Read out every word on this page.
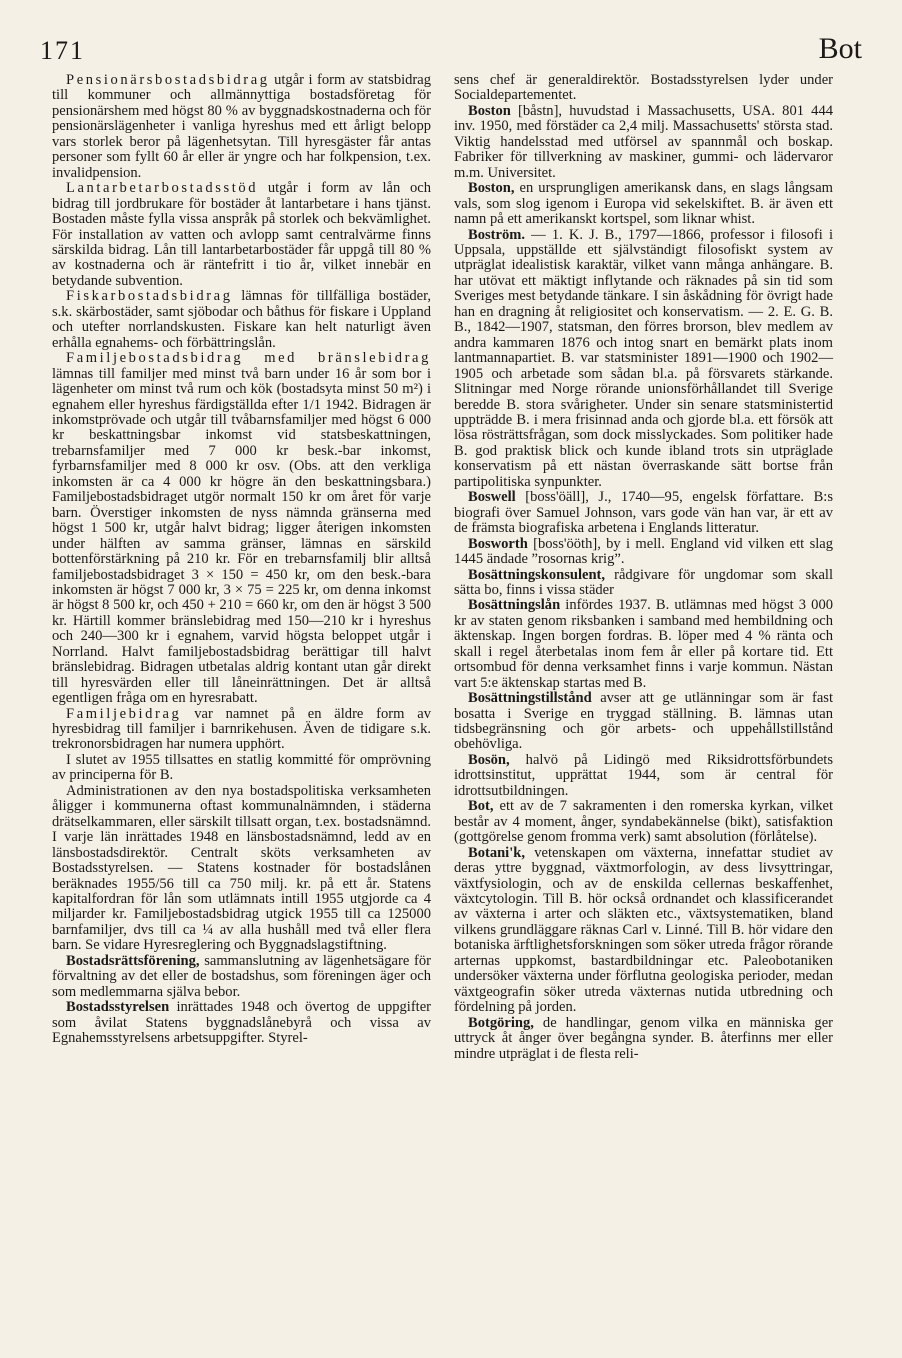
171	Bot

Pensionärsbostadsbidrag utgår i form av statsbidrag till kommuner och allmännyttiga bostadsföretag för pensionärshem med högst 80 % av byggnadskostnaderna och för pensionärslägenheter i vanliga hyreshus med ett årligt belopp vars storlek beror på lägenhetsytan. Till hyresgäster får antas personer som fyllt 60 år eller är yngre och har folkpension, t.ex. invalidpension.

Lantarbetarbostadsstöd utgår i form av lån och bidrag till jordbrukare för bostäder åt lantarbetare i hans tjänst. Bostaden måste fylla vissa anspråk på storlek och bekvämlighet. För installation av vatten och avlopp samt centralvärme finns särskilda bidrag. Lån till lantarbetarbostäder får uppgå till 80 % av kostnaderna och är räntefritt i tio år, vilket innebär en betydande subvention.

Fiskarbostadsbidrag lämnas för tillfälliga bostäder, s.k. skärbostäder, samt sjöbodar och båthus för fiskare i Uppland och utefter norrlandskusten. Fiskare kan helt naturligt även erhålla egnahems- och förbättringslån.

Familjebostadsbidrag med bränslebidrag lämnas till familjer med minst två barn under 16 år som bor i lägenheter om minst två rum och kök (bostadsyta minst 50 m²) i egnahem eller hyreshus färdigställda efter 1/1 1942. Bidragen är inkomstprövade och utgår till tvåbarnsfamiljer med högst 6 000 kr beskattningsbar inkomst vid statsbeskattningen, trebarnsfamiljer med 7 000 kr besk.-bar inkomst, fyrbarnsfamiljer med 8 000 kr osv. (Obs. att den verkliga inkomsten är ca 4 000 kr högre än den beskattningsbara.) Familjebostadsbidraget utgör normalt 150 kr om året för varje barn. Överstiger inkomsten de nyss nämnda gränserna med högst 1 500 kr, utgår halvt bidrag; ligger återigen inkomsten under hälften av samma gränser, lämnas en särskild bottenförstärkning på 210 kr. För en trebarnsfamilj blir alltså familjebostadsbidraget 3 × 150 = 450 kr, om den besk.-bara inkomsten är högst 7 000 kr, 3 × 75 = 225 kr, om denna inkomst är högst 8 500 kr, och 450 + 210 = 660 kr, om den är högst 3 500 kr. Härtill kommer bränslebidrag med 150—210 kr i hyreshus och 240—300 kr i egnahem, varvid högsta beloppet utgår i Norrland. Halvt familjebostadsbidrag berättigar till halvt bränslebidrag. Bidragen utbetalas aldrig kontant utan går direkt till hyresvärden eller till låneinrättningen. Det är alltså egentligen fråga om en hyresrabatt.

Familjebidrag var namnet på en äldre form av hyresbidrag till familjer i barnrikehusen. Även de tidigare s.k. trekronorsbidragen har numera upphört.

I slutet av 1955 tillsattes en statlig kommitté för omprövning av principerna för B.

Administrationen av den nya bostadspolitiska verksamheten åligger i kommunerna oftast kommunalnämnden, i städerna drätselkammaren, eller särskilt tillsatt organ, t.ex. bostadsnämnd. I varje län inrättades 1948 en länsbostadsnämnd, ledd av en länsbostadsdirektör. Centralt sköts verksamheten av Bostadsstyrelsen. — Statens kostnader för bostadslånen beräknades 1955/56 till ca 750 milj. kr. på ett år. Statens kapitalfordran för lån som utlämnats intill 1955 utgjorde ca 4 miljarder kr. Familjebostadsbidrag utgick 1955 till ca 125000 barnfamiljer, dvs till ca ¼ av alla hushåll med två eller flera barn. Se vidare Hyresreglering och Byggnadslagstiftning.

Bostadsrättsförening, sammanslutning av lägenhetsägare för förvaltning av det eller de bostadshus, som föreningen äger och som medlemmarna själva bebor.

Bostadsstyrelsen inrättades 1948 och övertog de uppgifter som åvilat Statens byggnadslånebyrå och vissa av Egnahemsstyrelsens arbetsuppgifter. Styrel-

sens chef är generaldirektör. Bostadsstyrelsen lyder under Socialdepartementet.

Boston [båstn], huvudstad i Massachusetts, USA. 801 444 inv. 1950, med förstäder ca 2,4 milj. Massachusetts' största stad. Viktig handelsstad med utförsel av spannmål och boskap. Fabriker för tillverkning av maskiner, gummi- och lädervaror m.m. Universitet.

Boston, en ursprungligen amerikansk dans, en slags långsam vals, som slog igenom i Europa vid sekelskiftet. B. är även ett namn på ett amerikanskt kortspel, som liknar whist.

Boström. — 1. K. J. B., 1797—1866, professor i filosofi i Uppsala, uppställde ett självständigt filosofiskt system av utpräglat idealistisk karaktär, vilket vann många anhängare. B. har utövat ett mäktigt inflytande och räknades på sin tid som Sveriges mest betydande tänkare. I sin åskådning för övrigt hade han en dragning åt religiositet och konservatism. — 2. E. G. B. B., 1842—1907, statsman, den förres brorson, blev medlem av andra kammaren 1876 och intog snart en bemärkt plats inom lantmannapartiet. B. var statsminister 1891—1900 och 1902—1905 och arbetade som sådan bl.a. på försvarets stärkande. Slitningar med Norge rörande unionsförhållandet till Sverige beredde B. stora svårigheter. Under sin senare statsministertid uppträdde B. i mera frisinnad anda och gjorde bl.a. ett försök att lösa rösträttsfrågan, som dock misslyckades. Som politiker hade B. god praktisk blick och kunde ibland trots sin utpräglade konservatism på ett nästan överraskande sätt bortse från partipolitiska synpunkter.

Boswell [boss'öäll], J., 1740—95, engelsk författare. B:s biografi över Samuel Johnson, vars gode vän han var, är ett av de främsta biografiska arbetena i Englands litteratur.

Bosworth [boss'ööth], by i mell. England vid vilken ett slag 1445 ändade ”rosornas krig”.

Bosättningskonsulent, rådgivare för ungdomar som skall sätta bo, finns i vissa städer

Bosättningslån infördes 1937. B. utlämnas med högst 3 000 kr av staten genom riksbanken i samband med hembildning och äktenskap. Ingen borgen fordras. B. löper med 4 % ränta och skall i regel återbetalas inom fem år eller på kortare tid. Ett ortsombud för denna verksamhet finns i varje kommun. Nästan vart 5:e äktenskap startas med B.

Bosättningstillstånd avser att ge utlänningar som är fast bosatta i Sverige en tryggad ställning. B. lämnas utan tidsbegränsning och gör arbets- och uppehållstillstånd obehövliga.

Bosön, halvö på Lidingö med Riksidrottsförbundets idrottsinstitut, upprättat 1944, som är central för idrottsutbildningen.

Bot, ett av de 7 sakramenten i den romerska kyrkan, vilket består av 4 moment, ånger, syndabekännelse (bikt), satisfaktion (gottgörelse genom fromma verk) samt absolution (förlåtelse).

Botani'k, vetenskapen om växterna, innefattar studiet av deras yttre byggnad, växtmorfologin, av dess livsyttringar, växtfysiologin, och av de enskilda cellernas beskaffenhet, växtcytologin. Till B. hör också ordnandet och klassificerandet av växterna i arter och släkten etc., växtsystematiken, bland vilkens grundläggare räknas Carl v. Linné. Till B. hör vidare den botaniska ärftlighetsforskningen som söker utreda frågor rörande arternas uppkomst, bastardbildningar etc. Paleobotaniken undersöker växterna under förflutna geologiska perioder, medan växtgeografin söker utreda växternas nutida utbredning och fördelning på jorden.

Botgöring, de handlingar, genom vilka en människa ger uttryck åt ånger över begångna synder. B. återfinns mer eller mindre utpräglat i de flesta reli-
